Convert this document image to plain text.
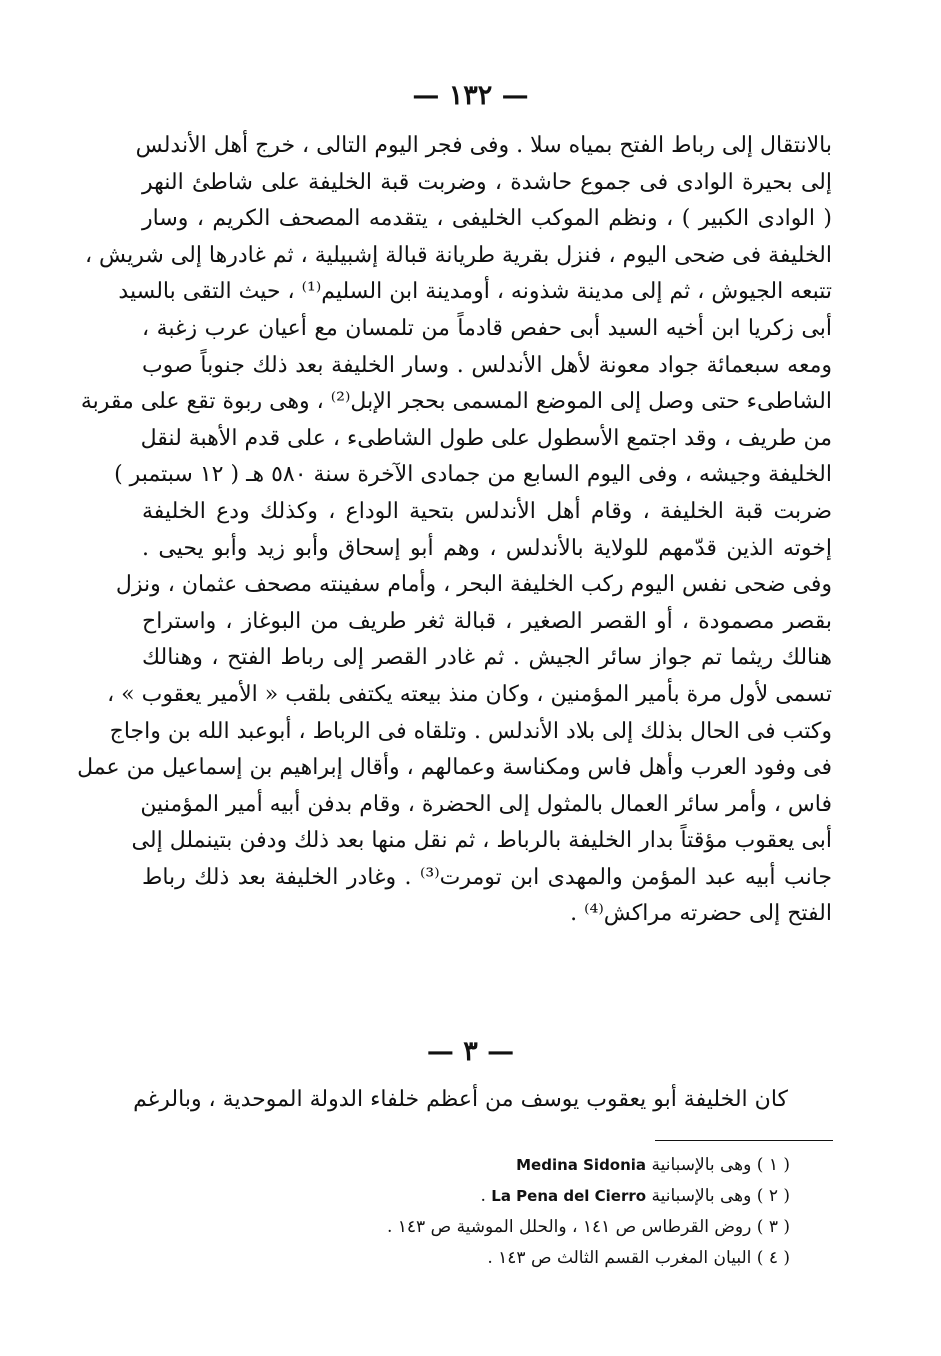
— ١٣٢ —
بالانتقال إلى رباط الفتح بمياه سلا . وفى فجر اليوم التالى ، خرج أهل الأندلس
إلى بحيرة الوادى فى جموع حاشدة ، وضربت قبة الخليفة على شاطئ النهر
( الوادى الكبير ) ، ونظم الموكب الخليفى ، يتقدمه المصحف الكريم ، وسار
الخليفة فى ضحى اليوم ، فنزل بقرية طريانة قبالة إشبيلية ، ثم غادرها إلى شريش ،
تتبعه الجيوش ، ثم إلى مدينة شذونه ، أومدينة ابن السليم⁽¹⁾ ، حيث التقى بالسيد
أبى زكريا ابن أخيه السيد أبى حفص قادماً من تلمسان مع أعيان عرب زغبة ،
ومعه سبعمائة جواد معونة لأهل الأندلس . وسار الخليفة بعد ذلك جنوباً صوب
الشاطىء حتى وصل إلى الموضع المسمى بحجر الإبل⁽²⁾ ، وهى ربوة تقع على مقربة
من طريف ، وقد اجتمع الأسطول على طول الشاطىء ، على قدم الأهبة لنقل
الخليفة وجيشه ، وفى اليوم السابع من جمادى الآخرة سنة ٥٨٠ هـ ( ١٢ سبتمبر )
ضربت قبة الخليفة ، وقام أهل الأندلس بتحية الوداع ، وكذلك ودع الخليفة
إخوته الذين قدّمهم للولاية بالأندلس ، وهم أبو إسحاق وأبو زيد وأبو يحيى .
وفى ضحى نفس اليوم ركب الخليفة البحر ، وأمام سفينته مصحف عثمان ، ونزل
بقصر مصمودة ، أو القصر الصغير ، قبالة ثغر طريف من البوغاز ، واستراح
هنالك ريثما تم جواز سائر الجيش . ثم غادر القصر إلى رباط الفتح ، وهنالك
تسمى لأول مرة بأمير المؤمنين ، وكان منذ بيعته يكتفى بلقب « الأمير يعقوب » ،
وكتب فى الحال بذلك إلى بلاد الأندلس . وتلقاه فى الرباط ، أبوعبد الله بن واجاج
فى وفود العرب وأهل فاس ومكناسة وعمالهم ، وأقال إبراهيم بن إسماعيل من عمل
فاس ، وأمر سائر العمال بالمثول إلى الحضرة ، وقام بدفن أبيه أمير المؤمنين
أبى يعقوب مؤقتاً بدار الخليفة بالرباط ، ثم نقل منها بعد ذلك ودفن بتينملل إلى
جانب أبيه عبد المؤمن والمهدى ابن تومرت⁽³⁾ . وغادر الخليفة بعد ذلك رباط
الفتح إلى حضرته مراكش⁽⁴⁾ .
— ٣ —
كان الخليفة أبو يعقوب يوسف من أعظم خلفاء الدولة الموحدية ، وبالرغم
( ١ ) وهى بالإسبانية Medina Sidonia
( ٢ ) وهى بالإسبانية La Pena del Cierro .
( ٣ ) روض القرطاس ص ١٤١ ، والحلل الموشية ص ١٤٣ .
( ٤ ) البيان المغرب القسم الثالث ص ١٤٣ .
